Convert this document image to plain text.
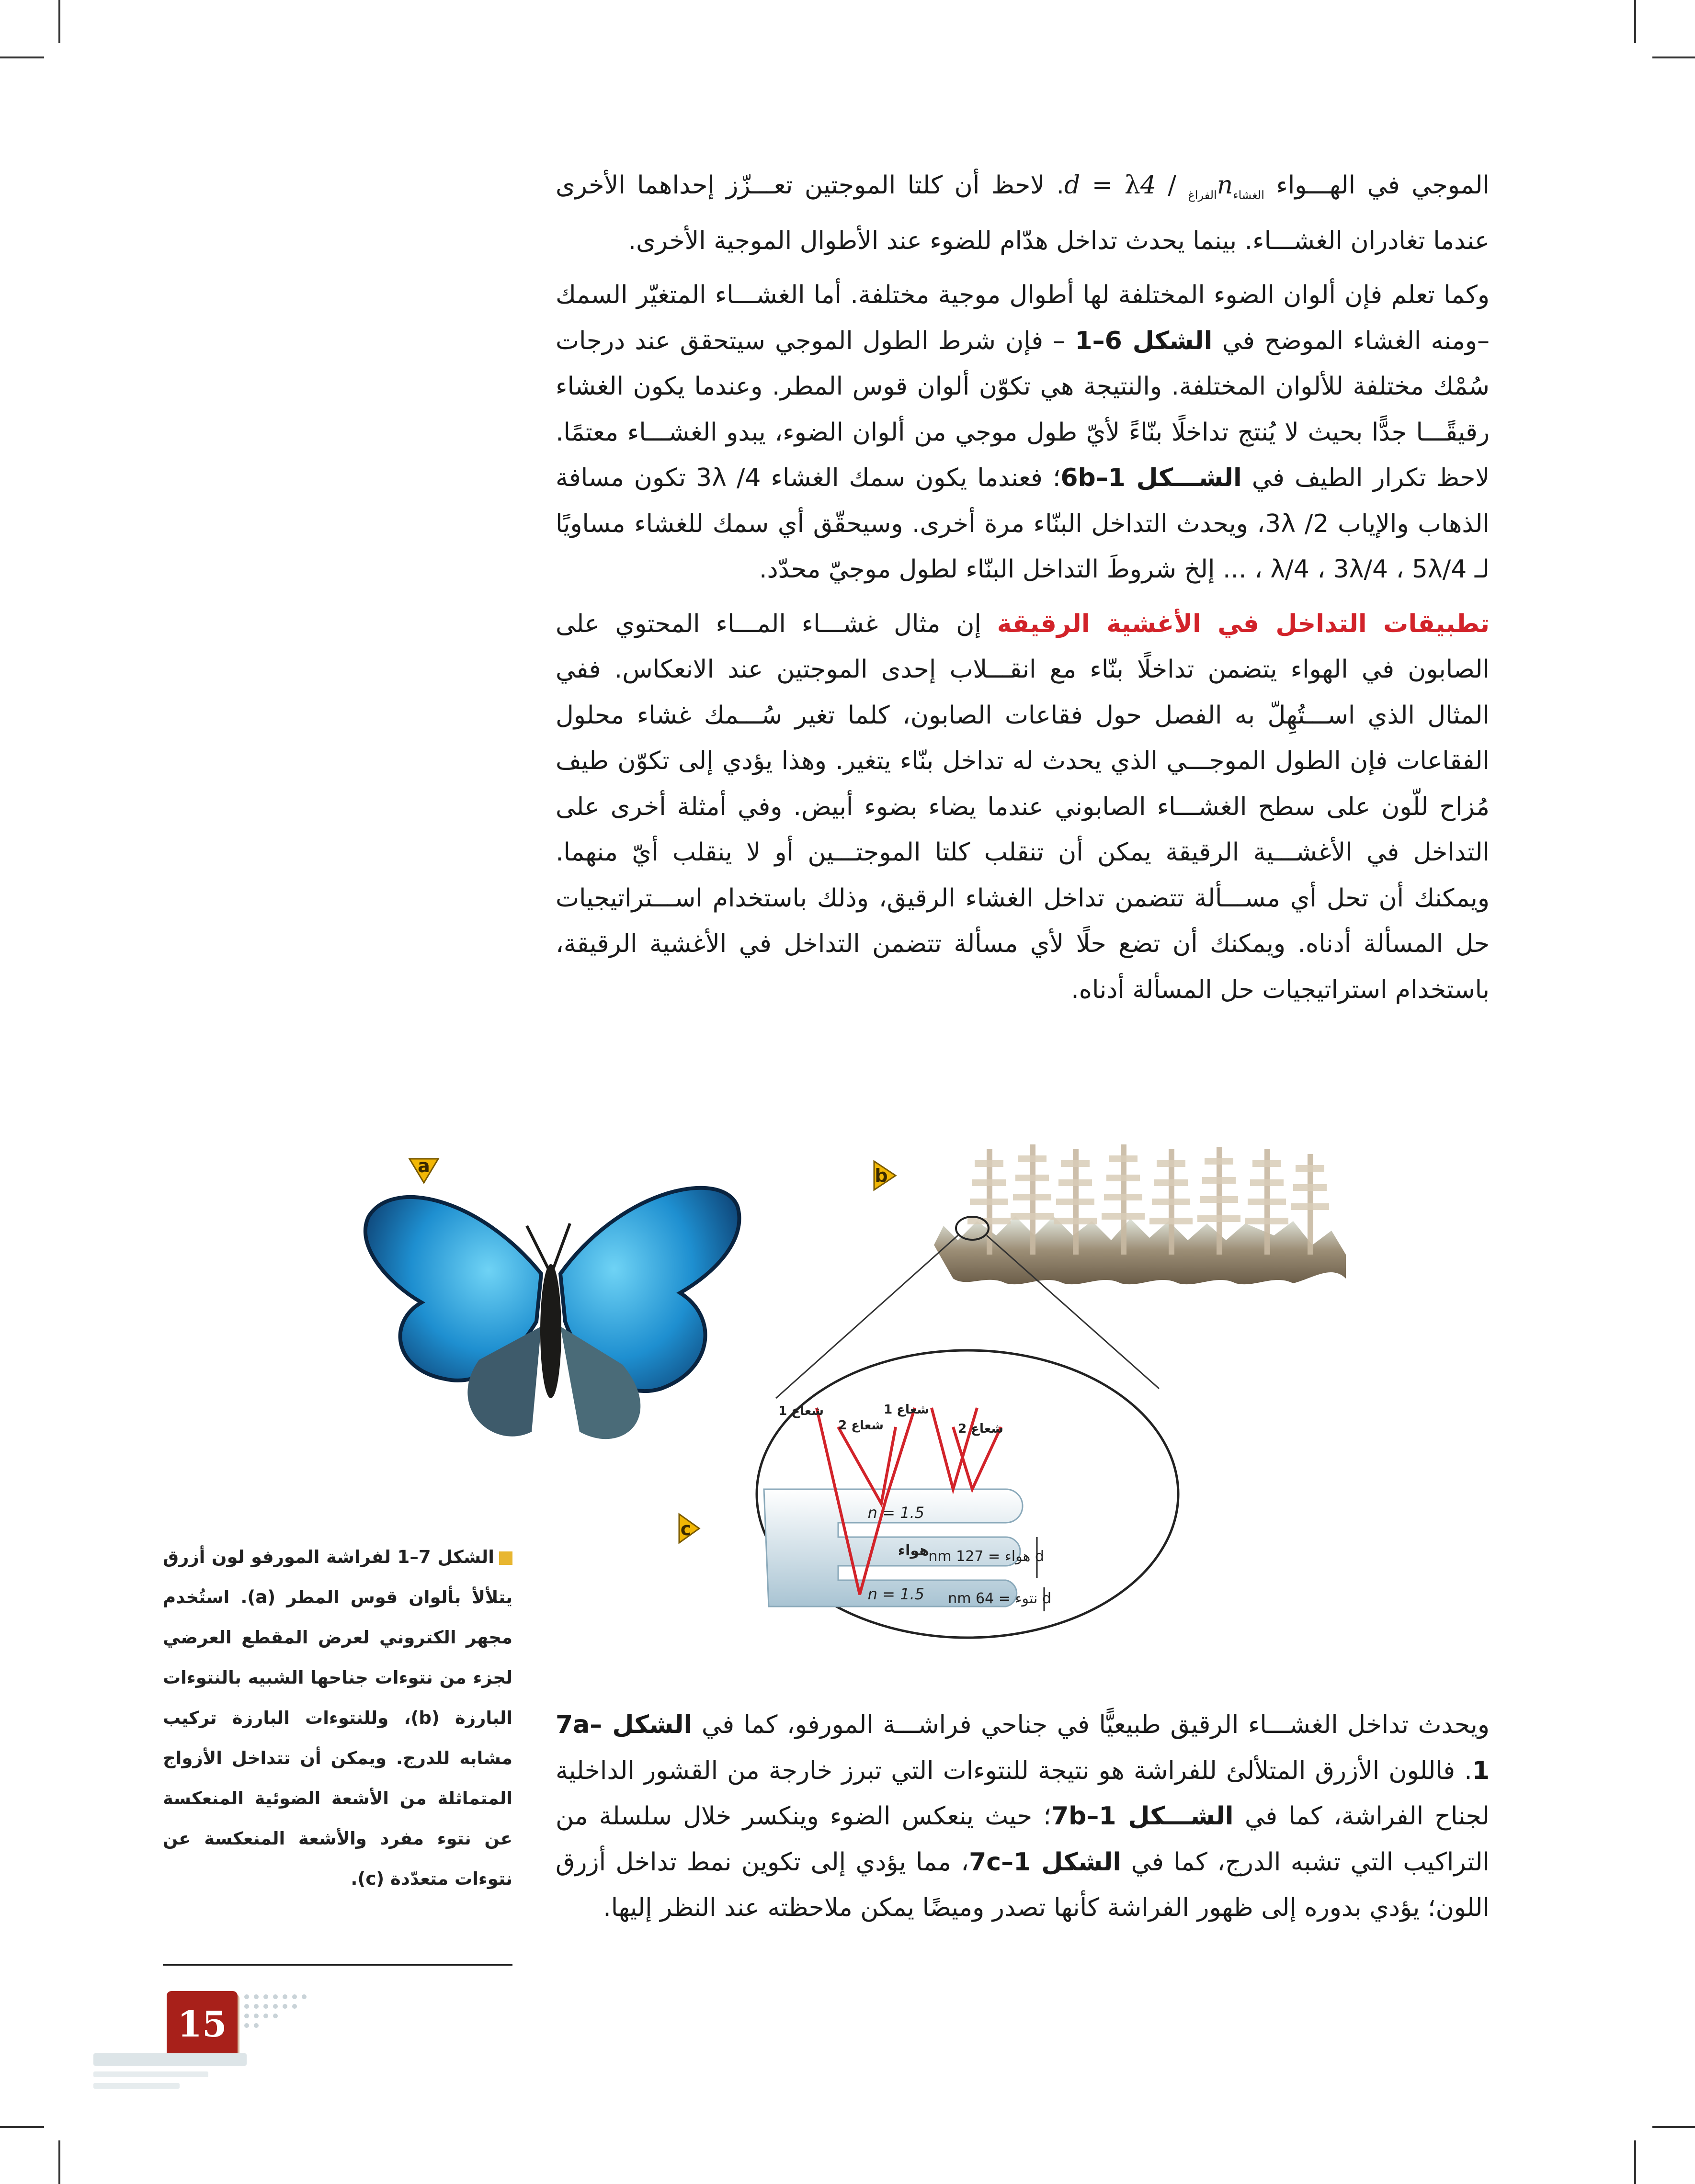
الموجي في الهـــواء d = λ	$_{الفراغ} / 4n_{الغشاء}$. لاحظ أن كلتا الموجتين تعـــزّز إحداهما الأخرى عندما تغادران الغشـــاء. بينما يحدث تداخل هدّام للضوء عند الأطوال الموجية الأخرى.

وكما تعلم فإن ألوان الضوء المختلفة لها أطوال موجية مختلفة. أما الغشـــاء المتغيّر السمك –ومنه الغشاء الموضح في الشكل 6–1 – فإن شرط الطول الموجي سيتحقق عند درجات سُمْك مختلفة للألوان المختلفة. والنتيجة هي تكوّن ألوان قوس المطر. وعندما يكون الغشاء رقيقًـــا جدًّا بحيث لا يُنتج تداخلًا بنّاءً لأيّ طول موجي من ألوان الضوء، يبدو الغشـــاء معتمًا. لاحظ تكرار الطيف في الشـــكل 6b–1؛ فعندما يكون سمك الغشاء 3λ /4 تكون مسافة الذهاب والإياب 3λ /2، ويحدث التداخل البنّاء مرة أخرى. وسيحقّق أي سمك للغشاء مساويًا لـ λ/4 ، 3λ/4 ، 5λ/4 ، ... إلخ شروطَ التداخل البنّاء لطول موجيّ محدّد.

تطبيقات التداخل في الأغشية الرقيقة إن مثال غشـــاء المـــاء المحتوي على الصابون في الهواء يتضمن تداخلًا بنّاء مع انقـــلاب إحدى الموجتين عند الانعكاس. ففي المثال الذي اســـتُهِلّ به الفصل حول فقاعات الصابون، كلما تغير سُـــمك غشاء محلول الفقاعات فإن الطول الموجـــي الذي يحدث له تداخل بنّاء يتغير. وهذا يؤدي إلى تكوّن طيف مُزاح للّون على سطح الغشـــاء الصابوني عندما يضاء بضوء أبيض. وفي أمثلة أخرى على التداخل في الأغشـــية الرقيقة يمكن أن تنقلب كلتا الموجتـــين أو لا ينقلب أيّ منهما. ويمكنك أن تحل أي مســـألة تتضمن تداخل الغشاء الرقيق، وذلك باستخدام اســـتراتيجيات حل المسألة أدناه. ويمكنك أن تضع حلًا لأي مسألة تتضمن التداخل في الأغشية الرقيقة، باستخدام استراتيجيات حل المسألة أدناه.

a	b
شعاع 1
شعاع 2
شعاع 1
شعاع 2
n = 1.5
هواء
n = 1.5
d هواء = 127 nm
d نتوء = 64 nm
c
الشكل 7–1 لفراشة المورفو لون أزرق يتلألأ بألوان قوس المطر (a). استُخدم مجهر الكتروني لعرض المقطع العرضي لجزء من نتوءات جناحها الشبيه بالنتوءات البارزة (b)، وللنتوءات البارزة تركيب مشابه للدرج. ويمكن أن تتداخل الأزواج المتماثلة من الأشعة الضوئية المنعكسة عن نتوء مفرد والأشعة المنعكسة عن نتوءات متعدّدة (c).

ويحدث تداخل الغشـــاء الرقيق طبيعيًّا في جناحي فراشـــة المورفو، كما في الشكل 7a–1. فاللون الأزرق المتلألئ للفراشة هو نتيجة للنتوءات التي تبرز خارجة من القشور الداخلية لجناح الفراشة، كما في الشـــكل 7b–1؛ حيث ينعكس الضوء وينكسر خلال سلسلة من التراكيب التي تشبه الدرج، كما في الشكل 7c–1، مما يؤدي إلى تكوين نمط تداخل أزرق اللون؛ يؤدي بدوره إلى ظهور الفراشة كأنها تصدر وميضًا يمكن ملاحظته عند النظر إليها.

15
